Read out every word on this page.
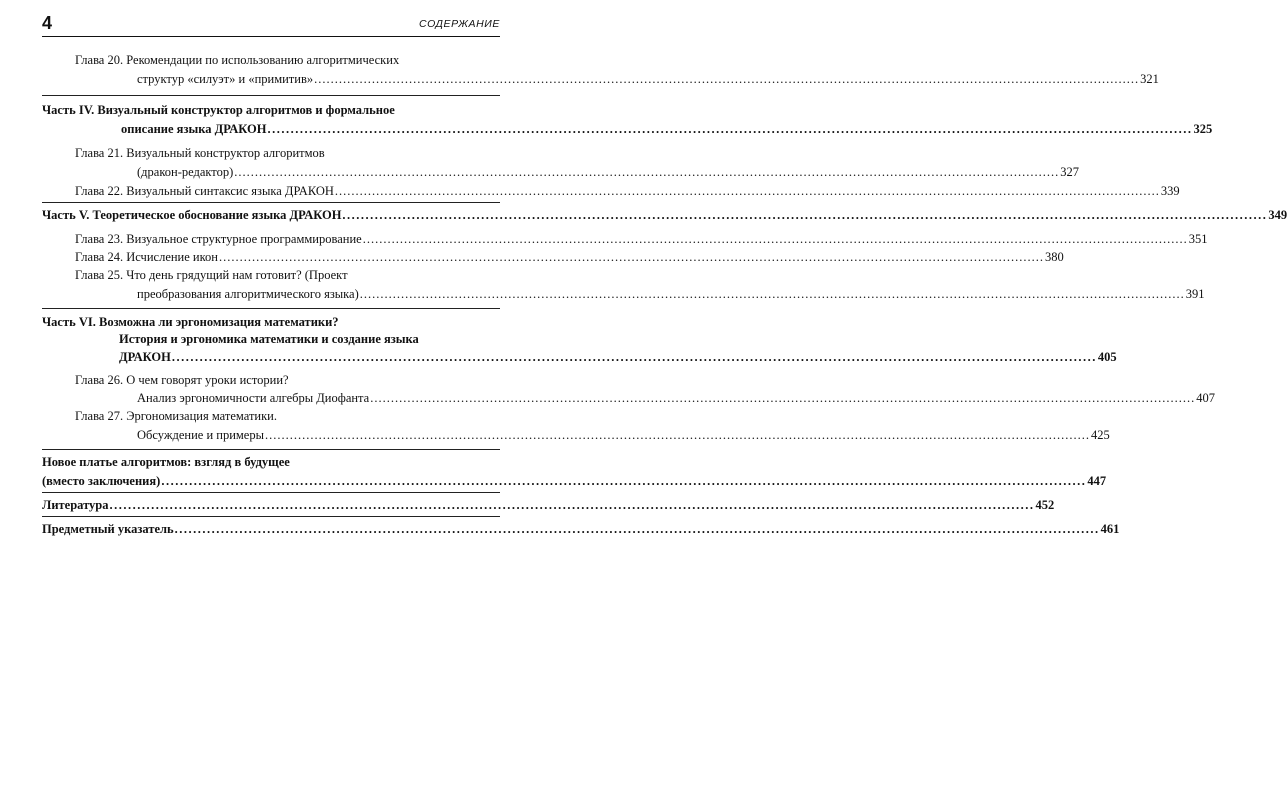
4	СОДЕРЖАНИЕ
Глава 20. Рекомендации по использованию алгоритмических
структур «силуэт» и «примитив» ........................................................................................................................................................................................................ 321
Часть IV. Визуальный конструктор алгоритмов и формальное
описание языка ДРАКОН ........................................................................................................................................................................................................ 325
Глава 21. Визуальный конструктор алгоритмов
(дракон-редактор) ........................................................................................................................................................................................................ 327
Глава 22. Визуальный синтаксис языка ДРАКОН ........................................................................................................................................................................................................ 339
Часть V. Теоретическое обоснование языка ДРАКОН ........................................................................................................................................................................................................ 349
Глава 23. Визуальное структурное программирование ........................................................................................................................................................................................................ 351
Глава 24. Исчисление икон ........................................................................................................................................................................................................ 380
Глава 25. Что день грядущий нам готовит? (Проект
преобразования алгоритмического языка) ........................................................................................................................................................................................................ 391
Часть VI. Возможна ли эргономизация математики?
История и эргономика математики и создание языка
ДРАКОН ........................................................................................................................................................................................................ 405
Глава 26. О чем говорят уроки истории?
Анализ эргономичности алгебры Диофанта ........................................................................................................................................................................................................ 407
Глава 27. Эргономизация математики.
Обсуждение и примеры ........................................................................................................................................................................................................ 425
Новое платье алгоритмов: взгляд в будущее
(вместо заключения) ........................................................................................................................................................................................................ 447
Литература ........................................................................................................................................................................................................ 452
Предметный указатель ........................................................................................................................................................................................................ 461
